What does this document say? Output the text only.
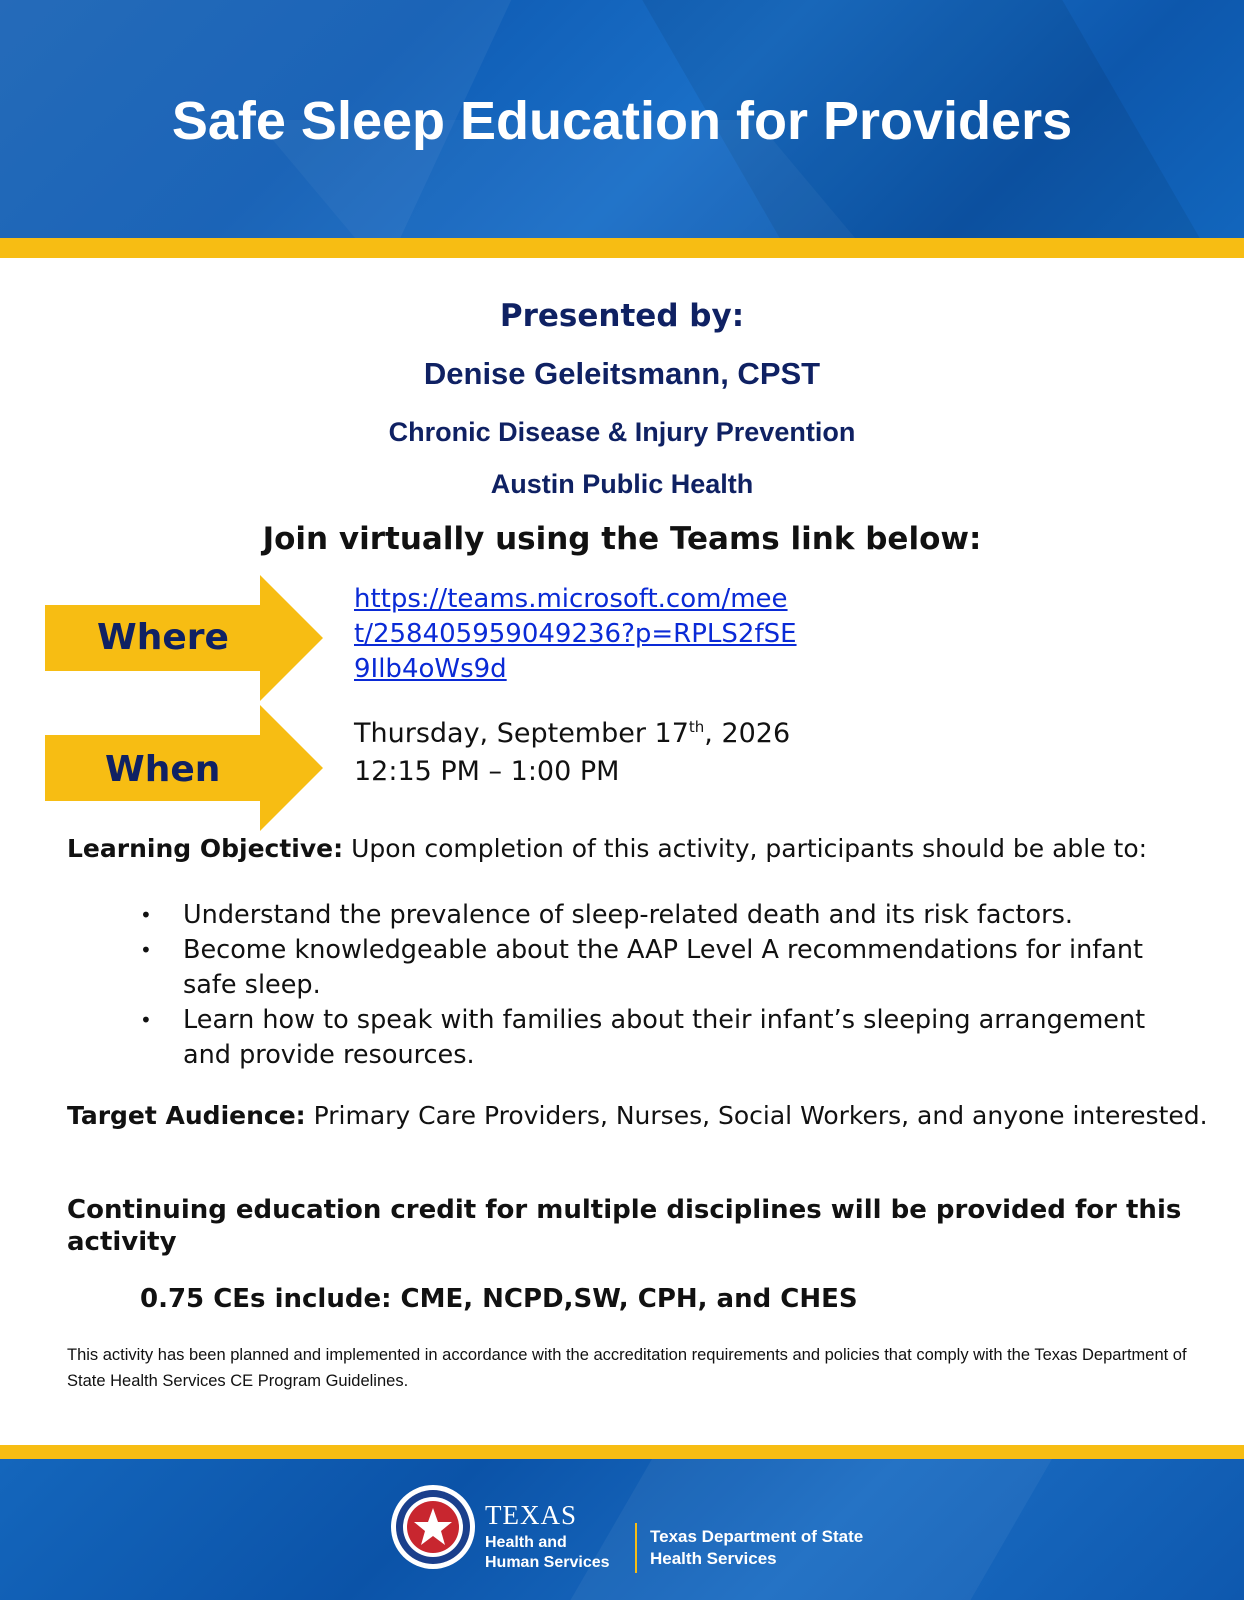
Safe Sleep Education for Providers
Presented by:
Denise Geleitsmann, CPST
Chronic Disease & Injury Prevention
Austin Public Health
Join virtually using the Teams link below:
Where
https://teams.microsoft.com/meet/258405959049236?p=RPLS2fSE9Ilb4oWs9d
When
Thursday, September 17th, 2026
12:15 PM – 1:00 PM
Learning Objective: Upon completion of this activity, participants should be able to:
• Understand the prevalence of sleep-related death and its risk factors.
• Become knowledgeable about the AAP Level A recommendations for infant safe sleep.
• Learn how to speak with families about their infant’s sleeping arrangement and provide resources.
Target Audience: Primary Care Providers, Nurses, Social Workers, and anyone interested.
Continuing education credit for multiple disciplines will be provided for this activity
0.75 CEs include: CME, NCPD,SW, CPH, and CHES
This activity has been planned and implemented in accordance with the accreditation requirements and policies that comply with the Texas Department of State Health Services CE Program Guidelines.
TEXAS
Health and Human Services
Texas Department of State Health Services
